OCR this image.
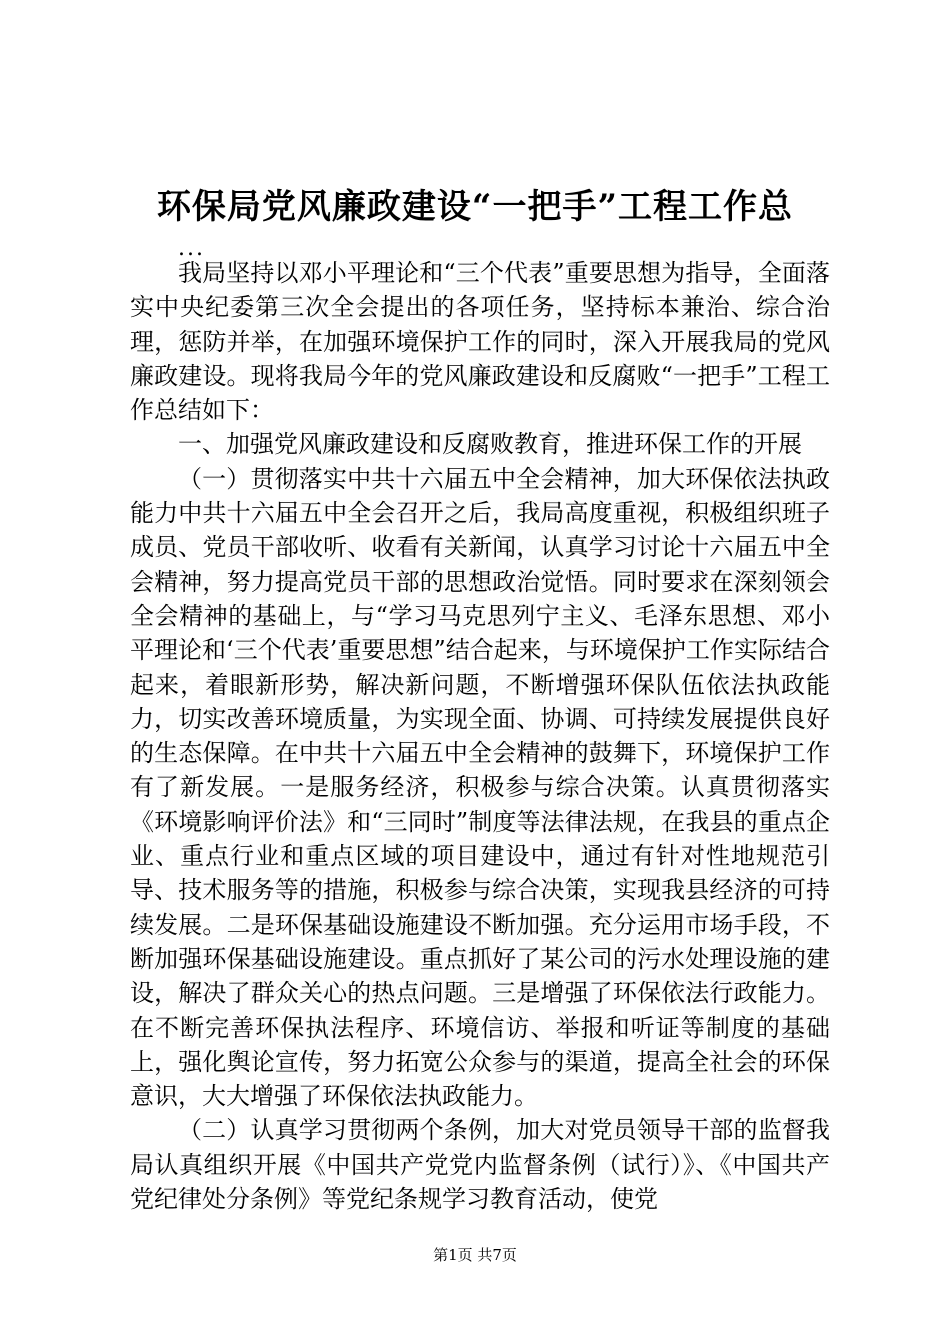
环保局党风廉政建设“一把手”工程工作总
...

我局坚持以邓小平理论和“三个代表”重要思想为指导，全面落实中央纪委第三次全会提出的各项任务，坚持标本兼治、综合治理，惩防并举，在加强环境保护工作的同时，深入开展我局的党风廉政建设。现将我局今年的党风廉政建设和反腐败“一把手”工程工作总结如下：

一、加强党风廉政建设和反腐败教育，推进环保工作的开展

（一）贯彻落实中共十六届五中全会精神，加大环保依法执政能力中共十六届五中全会召开之后，我局高度重视，积极组织班子成员、党员干部收听、收看有关新闻，认真学习讨论十六届五中全会精神，努力提高党员干部的思想政治觉悟。同时要求在深刻领会全会精神的基础上，与“学习马克思列宁主义、毛泽东思想、邓小平理论和‘三个代表’重要思想”结合起来，与环境保护工作实际结合起来，着眼新形势，解决新问题，不断增强环保队伍依法执政能力，切实改善环境质量，为实现全面、协调、可持续发展提供良好的生态保障。在中共十六届五中全会精神的鼓舞下，环境保护工作有了新发展。一是服务经济，积极参与综合决策。认真贯彻落实《环境影响评价法》和“三同时”制度等法律法规，在我县的重点企业、重点行业和重点区域的项目建设中，通过有针对性地规范引导、技术服务等的措施，积极参与综合决策，实现我县经济的可持续发展。二是环保基础设施建设不断加强。充分运用市场手段，不断加强环保基础设施建设。重点抓好了某公司的污水处理设施的建设，解决了群众关心的热点问题。三是增强了环保依法行政能力。在不断完善环保执法程序、环境信访、举报和听证等制度的基础上，强化舆论宣传，努力拓宽公众参与的渠道，提高全社会的环保意识，大大增强了环保依法执政能力。

（二）认真学习贯彻两个条例，加大对党员领导干部的监督我局认真组织开展《中国共产党党内监督条例（试行）》、《中国共产党纪律处分条例》等党纪条规学习教育活动，使党

第1页 共7页
